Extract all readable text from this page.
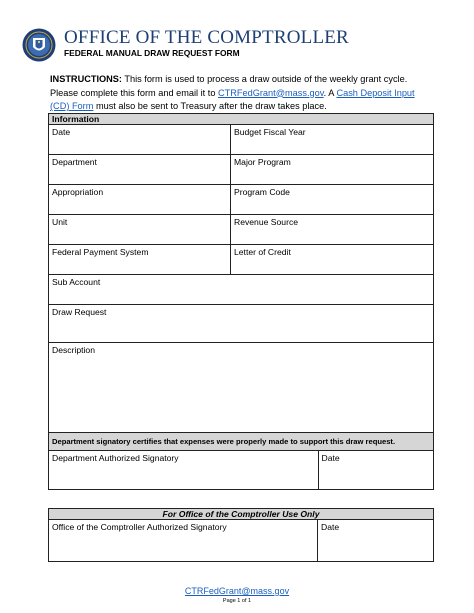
OFFICE OF THE COMPTROLLER
FEDERAL MANUAL DRAW REQUEST FORM
INSTRUCTIONS: This form is used to process a draw outside of the weekly grant cycle. Please complete this form and email it to CTRFedGrant@mass.gov. A Cash Deposit Input (CD) Form must also be sent to Treasury after the draw takes place.
Information
Date	Budget Fiscal Year
Department	Major Program
Appropriation	Program Code
Unit	Revenue Source
Federal Payment System	Letter of Credit
Sub Account
Draw Request
Description
Department signatory certifies that expenses were properly made to support this draw request.

Department Authorized Signatory	Date
For Office of the Comptroller Use Only
Office of the Comptroller Authorized Signatory	Date
CTRFedGrant@mass.gov
Page 1 of 1
